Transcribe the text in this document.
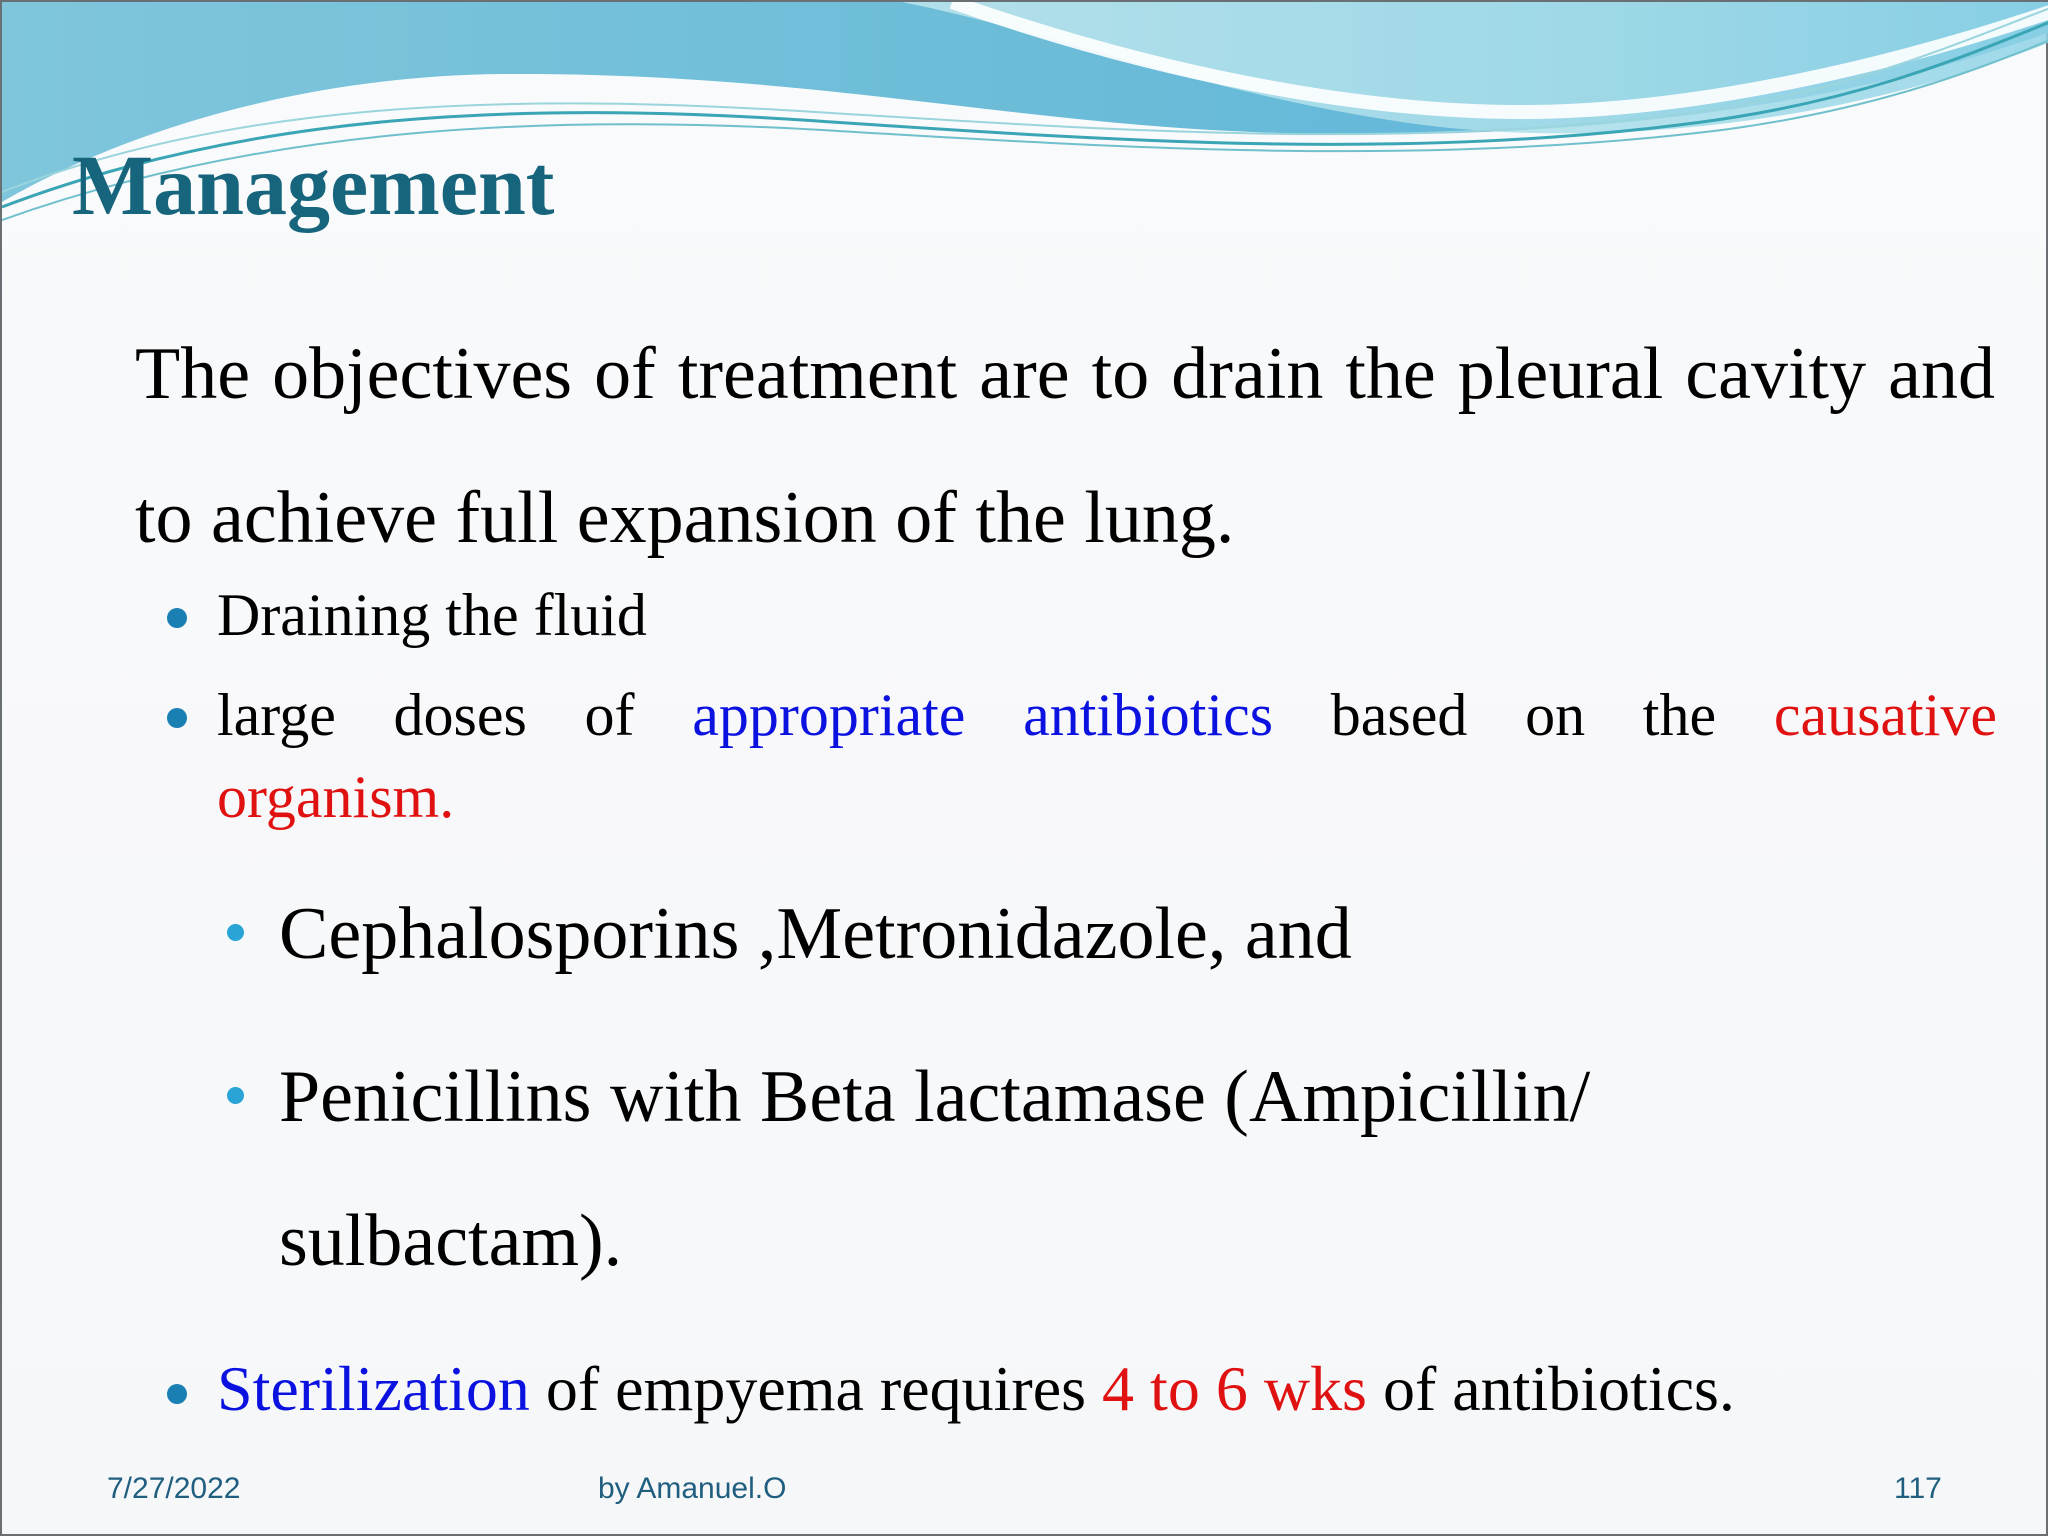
Management
The objectives of treatment are to drain the pleural cavity and to achieve full expansion of the lung.
Draining the fluid
large doses of appropriate antibiotics based on the causative
organism.
Cephalosporins ,Metronidazole, and
Penicillins with Beta lactamase (Ampicillin/ sulbactam).
Sterilization of empyema requires 4 to 6 wks of antibiotics.
7/27/2022	by Amanuel.O	117
